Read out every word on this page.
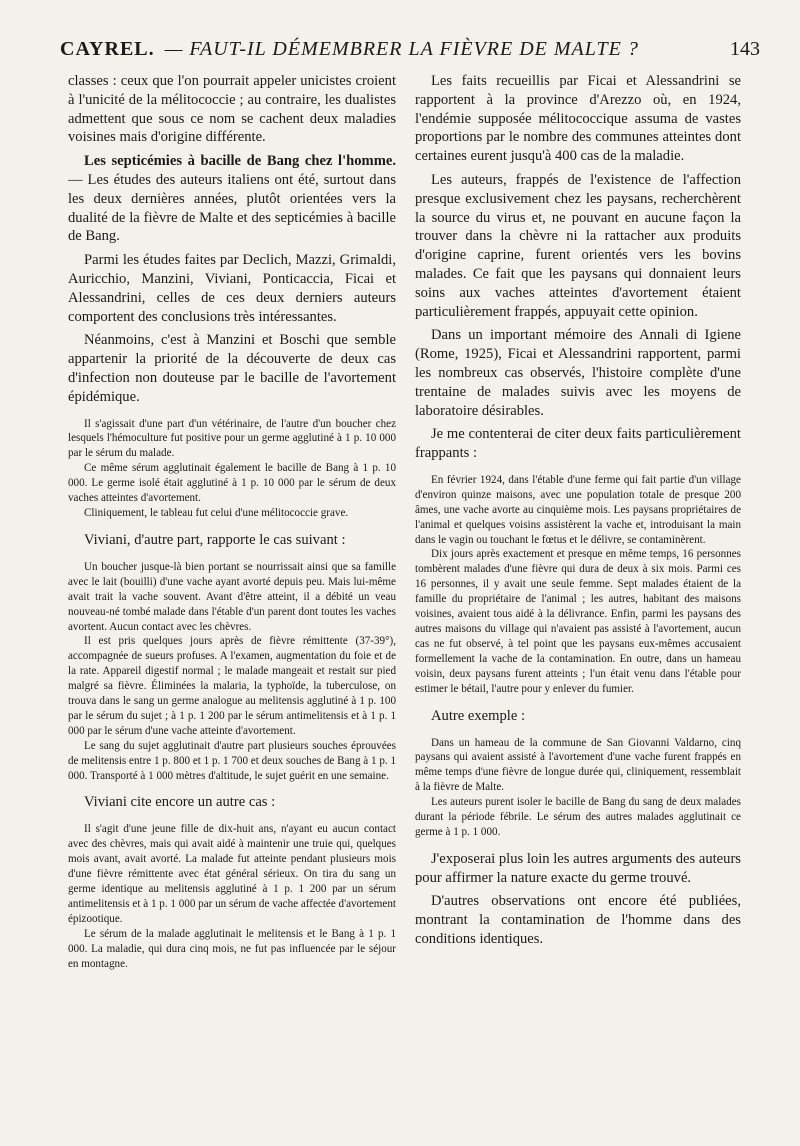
CAYREL. — FAUT-IL DÉMEMBRER LA FIÈVRE DE MALTE ?	143

classes : ceux que l'on pourrait appeler unicistes croient à l'unicité de la mélitococcie ; au contraire, les dualistes admettent que sous ce nom se cachent deux maladies voisines mais d'origine différente.

Les septicémies à bacille de Bang chez l'homme. — Les études des auteurs italiens ont été, surtout dans les deux dernières années, plutôt orientées vers la dualité de la fièvre de Malte et des septicémies à bacille de Bang.

Parmi les études faites par Declich, Mazzi, Grimaldi, Auricchio, Manzini, Viviani, Ponticaccia, Ficai et Alessandrini, celles de ces deux derniers auteurs comportent des conclusions très intéressantes.

Néanmoins, c'est à Manzini et Boschi que semble appartenir la priorité de la découverte de deux cas d'infection non douteuse par le bacille de l'avortement épidémique.

Il s'agissait d'une part d'un vétérinaire, de l'autre d'un boucher chez lesquels l'hémoculture fut positive pour un germe agglutiné à 1 p. 10 000 par le sérum du malade.

Ce même sérum agglutinait également le bacille de Bang à 1 p. 10 000. Le germe isolé était agglutiné à 1 p. 10 000 par le sérum de deux vaches atteintes d'avortement.

Cliniquement, le tableau fut celui d'une mélitococcie grave.

Viviani, d'autre part, rapporte le cas suivant :

Un boucher jusque-là bien portant se nourrissait ainsi que sa famille avec le lait (bouilli) d'une vache ayant avorté depuis peu. Mais lui-même avait trait la vache souvent. Avant d'être atteint, il a débité un veau nouveau-né tombé malade dans l'étable d'un parent dont toutes les vaches avortent. Aucun contact avec les chèvres.

Il est pris quelques jours après de fièvre rémittente (37-39°), accompagnée de sueurs profuses. A l'examen, augmentation du foie et de la rate. Appareil digestif normal ; le malade mangeait et restait sur pied malgré sa fièvre. Éliminées la malaria, la typhoïde, la tuberculose, on trouva dans le sang un germe analogue au melitensis agglutiné à 1 p. 100 par le sérum du sujet ; à 1 p. 1 200 par le sérum antimelitensis et à 1 p. 1 000 par le sérum d'une vache atteinte d'avortement.

Le sang du sujet agglutinait d'autre part plusieurs souches éprouvées de melitensis entre 1 p. 800 et 1 p. 1 700 et deux souches de Bang à 1 p. 1 000. Transporté à 1 000 mètres d'altitude, le sujet guérit en une semaine.

Viviani cite encore un autre cas :

Il s'agit d'une jeune fille de dix-huit ans, n'ayant eu aucun contact avec des chèvres, mais qui avait aidé à maintenir une truie qui, quelques mois avant, avait avorté. La malade fut atteinte pendant plusieurs mois d'une fièvre rémittente avec état général sérieux. On tira du sang un germe identique au melitensis agglutiné à 1 p. 1 200 par un sérum antimelitensis et à 1 p. 1 000 par un sérum de vache affectée d'avortement épizootique.

Le sérum de la malade agglutinait le melitensis et le Bang à 1 p. 1 000. La maladie, qui dura cinq mois, ne fut pas influencée par le séjour en montagne.

Les faits recueillis par Ficai et Alessandrini se rapportent à la province d'Arezzo où, en 1924, l'endémie supposée mélitococcique assuma de vastes proportions par le nombre des communes atteintes dont certaines eurent jusqu'à 400 cas de la maladie.

Les auteurs, frappés de l'existence de l'affection presque exclusivement chez les paysans, recherchèrent la source du virus et, ne pouvant en aucune façon la trouver dans la chèvre ni la rattacher aux produits d'origine caprine, furent orientés vers les bovins malades. Ce fait que les paysans qui donnaient leurs soins aux vaches atteintes d'avortement étaient particulièrement frappés, appuyait cette opinion.

Dans un important mémoire des Annali di Igiene (Rome, 1925), Ficai et Alessandrini rapportent, parmi les nombreux cas observés, l'histoire complète d'une trentaine de malades suivis avec les moyens de laboratoire désirables.

Je me contenterai de citer deux faits particulièrement frappants :

En février 1924, dans l'étable d'une ferme qui fait partie d'un village d'environ quinze maisons, avec une population totale de presque 200 âmes, une vache avorte au cinquième mois. Les paysans propriétaires de l'animal et quelques voisins assistèrent la vache et, introduisant la main dans le vagin ou touchant le fœtus et le délivre, se contaminèrent.

Dix jours après exactement et presque en même temps, 16 personnes tombèrent malades d'une fièvre qui dura de deux à six mois. Parmi ces 16 personnes, il y avait une seule femme. Sept malades étaient de la famille du propriétaire de l'animal ; les autres, habitant des maisons voisines, avaient tous aidé à la délivrance. Enfin, parmi les paysans des autres maisons du village qui n'avaient pas assisté à l'avortement, aucun cas ne fut observé, à tel point que les paysans eux-mêmes accusaient formellement la vache de la contamination. En outre, dans un hameau voisin, deux paysans furent atteints ; l'un était venu dans l'étable pour estimer le bétail, l'autre pour y enlever du fumier.

Autre exemple :

Dans un hameau de la commune de San Giovanni Valdarno, cinq paysans qui avaient assisté à l'avortement d'une vache furent frappés en même temps d'une fièvre de longue durée qui, cliniquement, ressemblait à la fièvre de Malte.

Les auteurs purent isoler le bacille de Bang du sang de deux malades durant la période fébrile. Le sérum des autres malades agglutinait ce germe à 1 p. 1 000.

J'exposerai plus loin les autres arguments des auteurs pour affirmer la nature exacte du germe trouvé.

D'autres observations ont encore été publiées, montrant la contamination de l'homme dans des conditions identiques.
